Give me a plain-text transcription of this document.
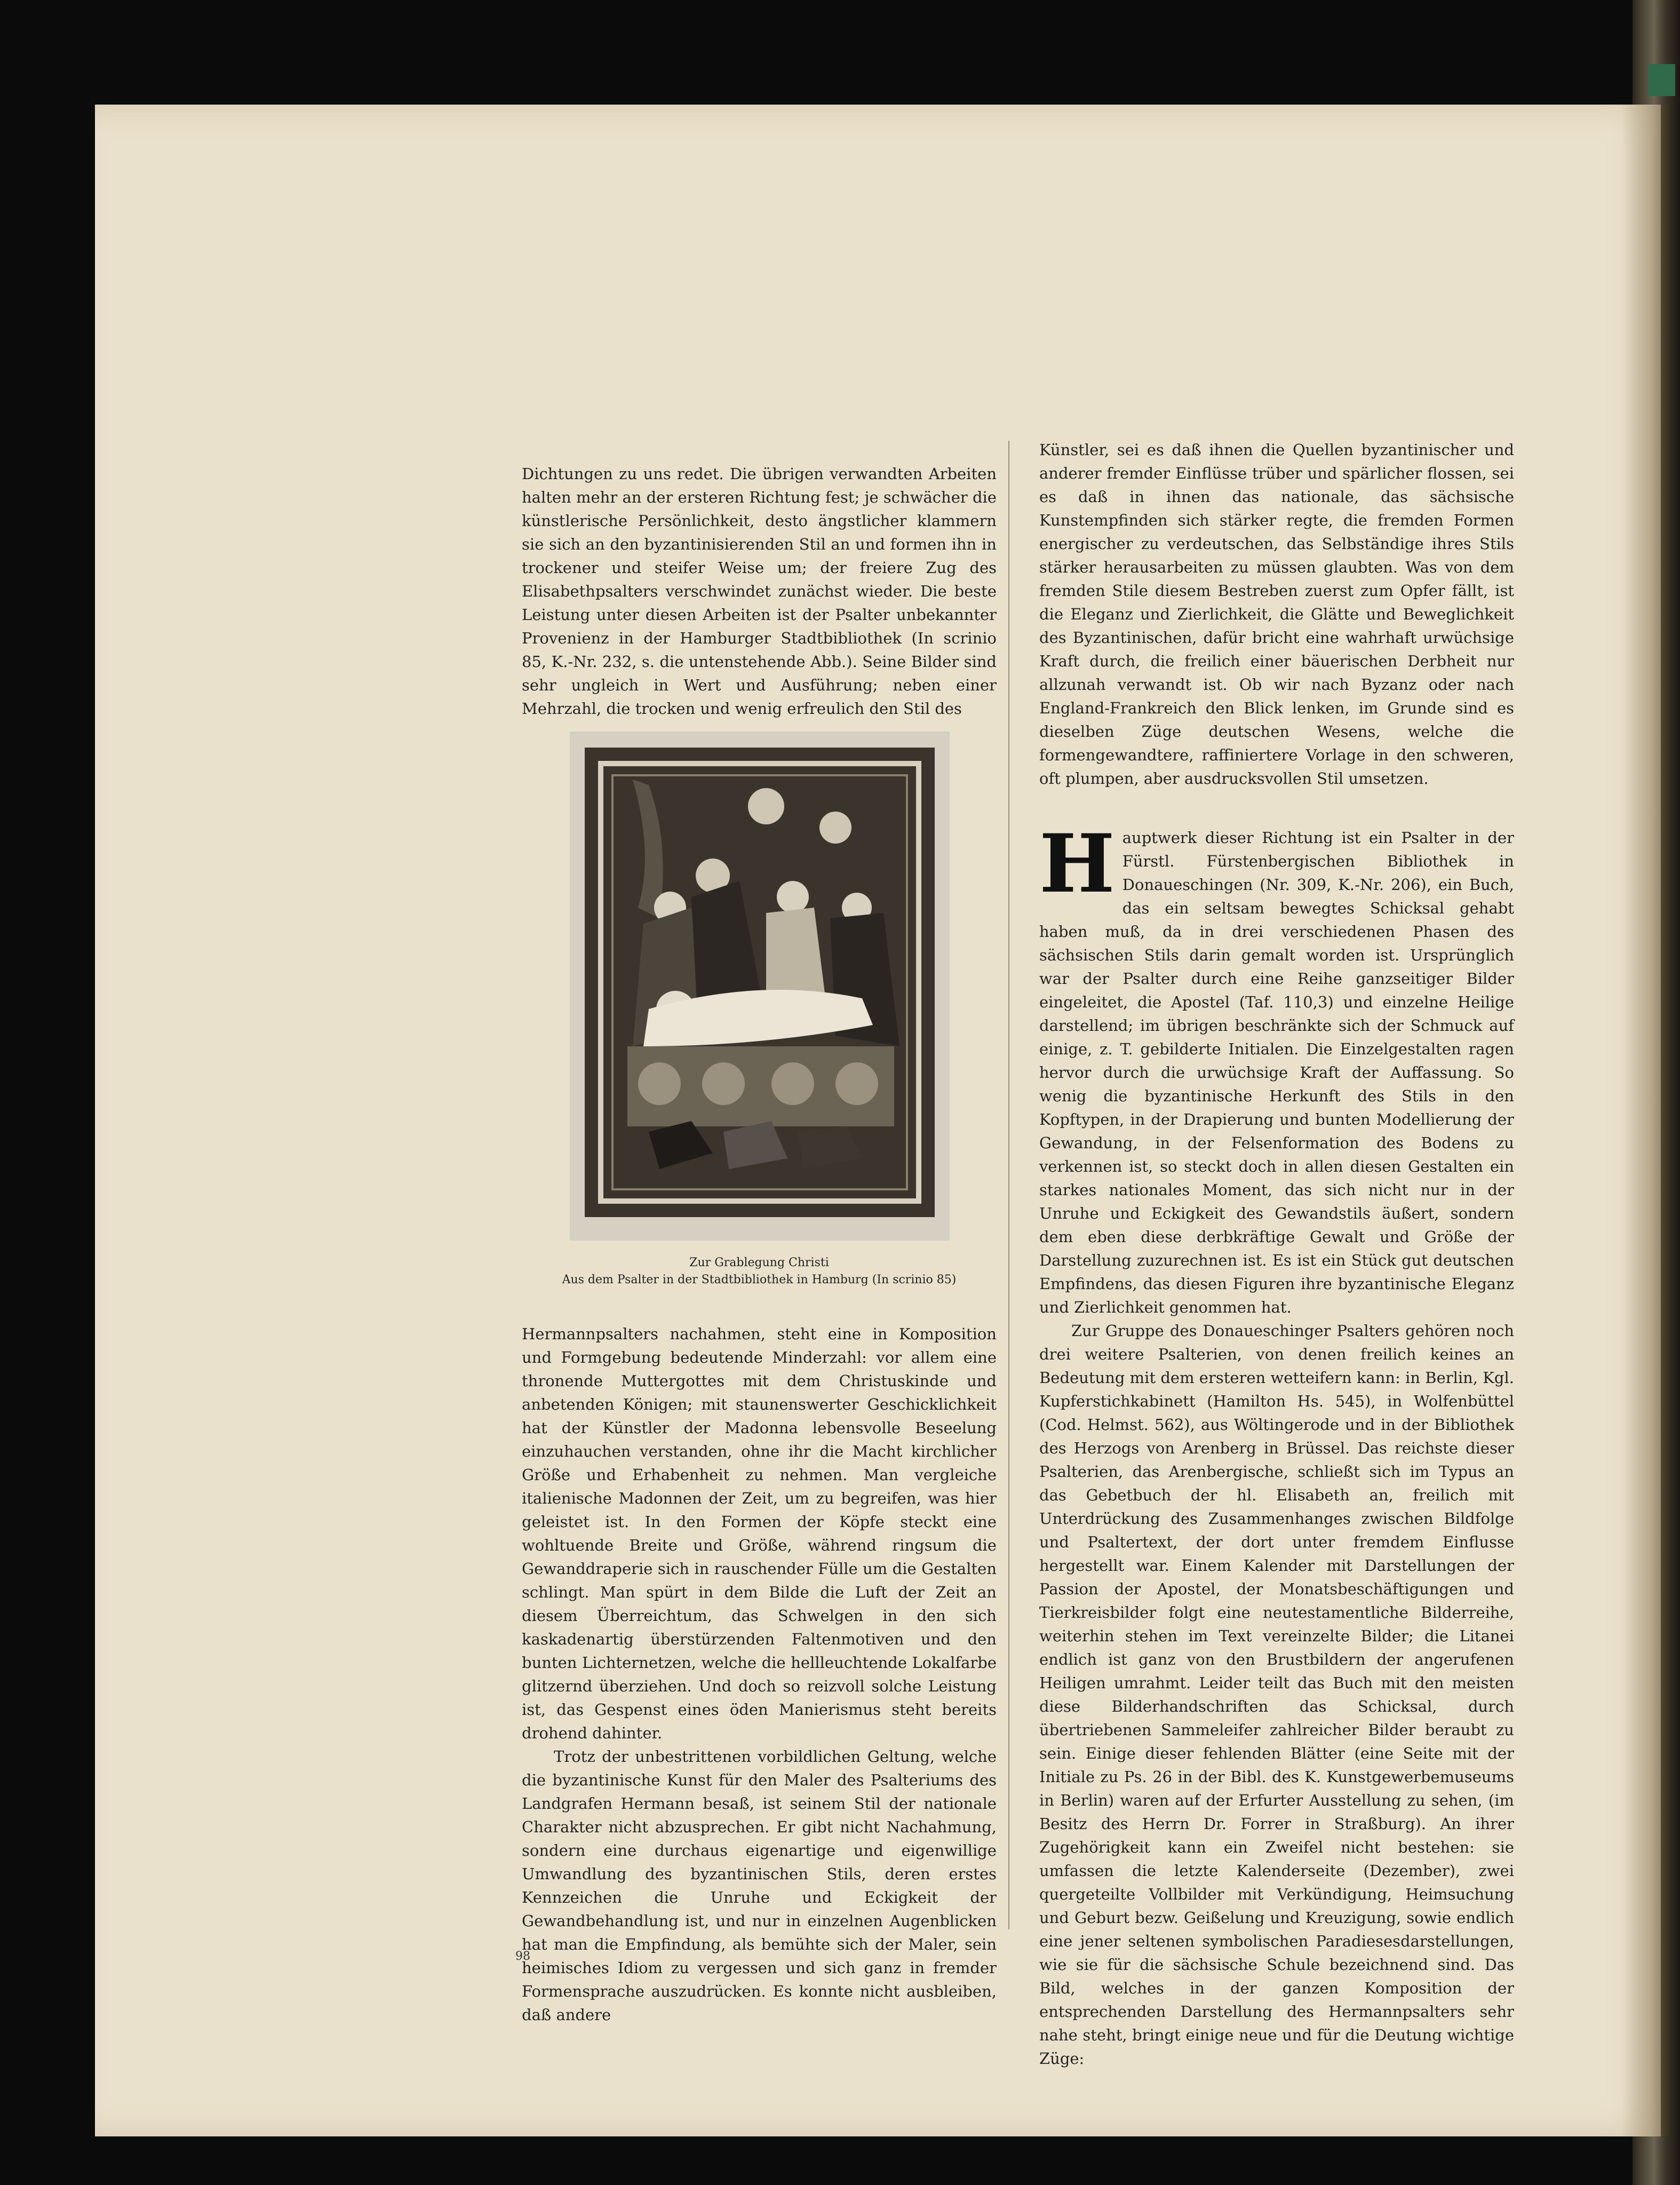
Dichtungen zu uns redet. Die übrigen verwandten Arbeiten halten mehr an der ersteren Richtung fest; je schwächer die künstlerische Persönlichkeit, desto ängstlicher klammern sie sich an den byzantinisierenden Stil an und formen ihn in trockener und steifer Weise um; der freiere Zug des Elisabethpsalters verschwindet zunächst wieder. Die beste Leistung unter diesen Arbeiten ist der Psalter unbekannter Provenienz in der Hamburger Stadtbibliothek (In scrinio 85, K.-Nr. 232, s. die untenstehende Abb.). Seine Bilder sind sehr ungleich in Wert und Ausführung; neben einer Mehrzahl, die trocken und wenig erfreulich den Stil des

Zur Grablegung Christi
Aus dem Psalter in der Stadtbibliothek in Hamburg (In scrinio 85)

Hermannpsalters nachahmen, steht eine in Komposition und Formgebung bedeutende Minderzahl: vor allem eine thronende Muttergottes mit dem Christuskinde und anbetenden Königen; mit staunenswerter Geschicklichkeit hat der Künstler der Madonna lebensvolle Beseelung einzuhauchen verstanden, ohne ihr die Macht kirchlicher Größe und Erhabenheit zu nehmen. Man vergleiche italienische Madonnen der Zeit, um zu begreifen, was hier geleistet ist. In den Formen der Köpfe steckt eine wohltuende Breite und Größe, während ringsum die Gewanddraperie sich in rauschender Fülle um die Gestalten schlingt. Man spürt in dem Bilde die Luft der Zeit an diesem Überreichtum, das Schwelgen in den sich kaskadenartig überstürzenden Faltenmotiven und den bunten Lichternetzen, welche die hellleuchtende Lokalfarbe glitzernd überziehen. Und doch so reizvoll solche Leistung ist, das Gespenst eines öden Manierismus steht bereits drohend dahinter.

Trotz der unbestrittenen vorbildlichen Geltung, welche die byzantinische Kunst für den Maler des Psalteriums des Landgrafen Hermann besaß, ist seinem Stil der nationale Charakter nicht abzusprechen. Er gibt nicht Nachahmung, sondern eine durchaus eigenartige und eigenwillige Umwandlung des byzantinischen Stils, deren erstes Kennzeichen die Unruhe und Eckigkeit der Gewandbehandlung ist, und nur in einzelnen Augenblicken hat man die Empfindung, als bemühte sich der Maler, sein heimisches Idiom zu vergessen und sich ganz in fremder Formensprache auszudrücken. Es konnte nicht ausbleiben, daß andere

Künstler, sei es daß ihnen die Quellen byzantinischer und anderer fremder Einflüsse trüber und spärlicher flossen, sei es daß in ihnen das nationale, das sächsische Kunstempfinden sich stärker regte, die fremden Formen energischer zu verdeutschen, das Selbständige ihres Stils stärker herausarbeiten zu müssen glaubten. Was von dem fremden Stile diesem Bestreben zuerst zum Opfer fällt, ist die Eleganz und Zierlichkeit, die Glätte und Beweglichkeit des Byzantinischen, dafür bricht eine wahrhaft urwüchsige Kraft durch, die freilich einer bäuerischen Derbheit nur allzunah verwandt ist. Ob wir nach Byzanz oder nach England-Frankreich den Blick lenken, im Grunde sind es dieselben Züge deutschen Wesens, welche die formengewandtere, raffiniertere Vorlage in den schweren, oft plumpen, aber ausdrucksvollen Stil umsetzen.

Hauptwerk dieser Richtung ist ein Psalter in der Fürstl. Fürstenbergischen Bibliothek in Donaueschingen (Nr. 309, K.-Nr. 206), ein Buch, das ein seltsam bewegtes Schicksal gehabt haben muß, da in drei verschiedenen Phasen des sächsischen Stils darin gemalt worden ist. Ursprünglich war der Psalter durch eine Reihe ganzseitiger Bilder eingeleitet, die Apostel (Taf. 110,3) und einzelne Heilige darstellend; im übrigen beschränkte sich der Schmuck auf einige, z. T. gebilderte Initialen. Die Einzelgestalten ragen hervor durch die urwüchsige Kraft der Auffassung. So wenig die byzantinische Herkunft des Stils in den Kopftypen, in der Drapierung und bunten Modellierung der Gewandung, in der Felsenformation des Bodens zu verkennen ist, so steckt doch in allen diesen Gestalten ein starkes nationales Moment, das sich nicht nur in der Unruhe und Eckigkeit des Gewandstils äußert, sondern dem eben diese derbkräftige Gewalt und Größe der Darstellung zuzurechnen ist. Es ist ein Stück gut deutschen Empfindens, das diesen Figuren ihre byzantinische Eleganz und Zierlichkeit genommen hat.

Zur Gruppe des Donaueschinger Psalters gehören noch drei weitere Psalterien, von denen freilich keines an Bedeutung mit dem ersteren wetteifern kann: in Berlin, Kgl. Kupferstichkabinett (Hamilton Hs. 545), in Wolfenbüttel (Cod. Helmst. 562), aus Wöltingerode und in der Bibliothek des Herzogs von Arenberg in Brüssel. Das reichste dieser Psalterien, das Arenbergische, schließt sich im Typus an das Gebetbuch der hl. Elisabeth an, freilich mit Unterdrückung des Zusammenhanges zwischen Bildfolge und Psaltertext, der dort unter fremdem Einflusse hergestellt war. Einem Kalender mit Darstellungen der Passion der Apostel, der Monatsbeschäftigungen und Tierkreisbilder folgt eine neutestamentliche Bilderreihe, weiterhin stehen im Text vereinzelte Bilder; die Litanei endlich ist ganz von den Brustbildern der angerufenen Heiligen umrahmt. Leider teilt das Buch mit den meisten diese Bilderhandschriften das Schicksal, durch übertriebenen Sammeleifer zahlreicher Bilder beraubt zu sein. Einige dieser fehlenden Blätter (eine Seite mit der Initiale zu Ps. 26 in der Bibl. des K. Kunstgewerbemuseums in Berlin) waren auf der Erfurter Ausstellung zu sehen, (im Besitz des Herrn Dr. Forrer in Straßburg). An ihrer Zugehörigkeit kann ein Zweifel nicht bestehen: sie umfassen die letzte Kalenderseite (Dezember), zwei quergeteilte Vollbilder mit Verkündigung, Heimsuchung und Geburt bezw. Geißelung und Kreuzigung, sowie endlich eine jener seltenen symbolischen Paradiesesdarstellungen, wie sie für die sächsische Schule bezeichnend sind. Das Bild, welches in der ganzen Komposition der entsprechenden Darstellung des Hermannpsalters sehr nahe steht, bringt einige neue und für die Deutung wichtige Züge:

98
